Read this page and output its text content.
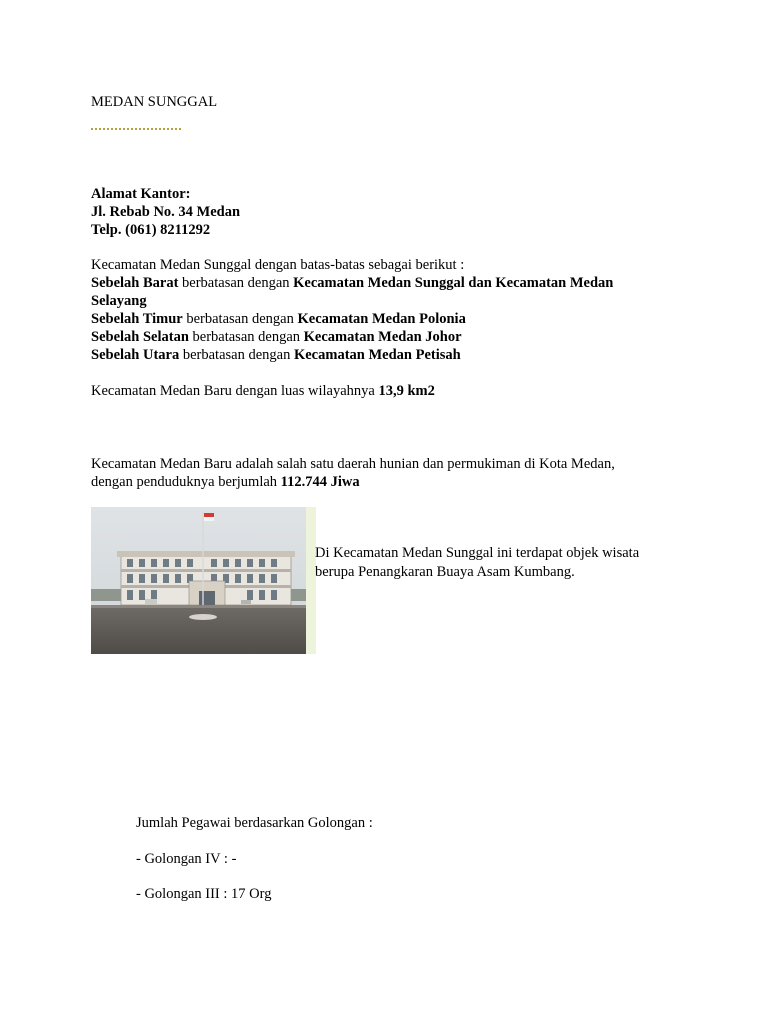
MEDAN SUNGGAL

Alamat Kantor:

Jl. Rebab No. 34 Medan

Telp. (061) 8211292

Kecamatan Medan Sunggal dengan batas-batas sebagai berikut :

Sebelah Barat berbatasan dengan Kecamatan Medan Sunggal dan Kecamatan Medan Selayang

Sebelah Timur berbatasan dengan Kecamatan Medan Polonia

Sebelah Selatan berbatasan dengan Kecamatan Medan Johor

Sebelah Utara berbatasan dengan Kecamatan Medan Petisah

Kecamatan Medan Baru dengan luas wilayahnya 13,9 km2

Kecamatan Medan Baru adalah salah satu daerah hunian dan permukiman di Kota Medan, dengan penduduknya berjumlah 112.744 Jiwa

Di Kecamatan Medan Sunggal ini terdapat objek wisata berupa Penangkaran Buaya Asam Kumbang.

Jumlah Pegawai berdasarkan Golongan :

- Golongan IV : -

- Golongan III : 17 Org
